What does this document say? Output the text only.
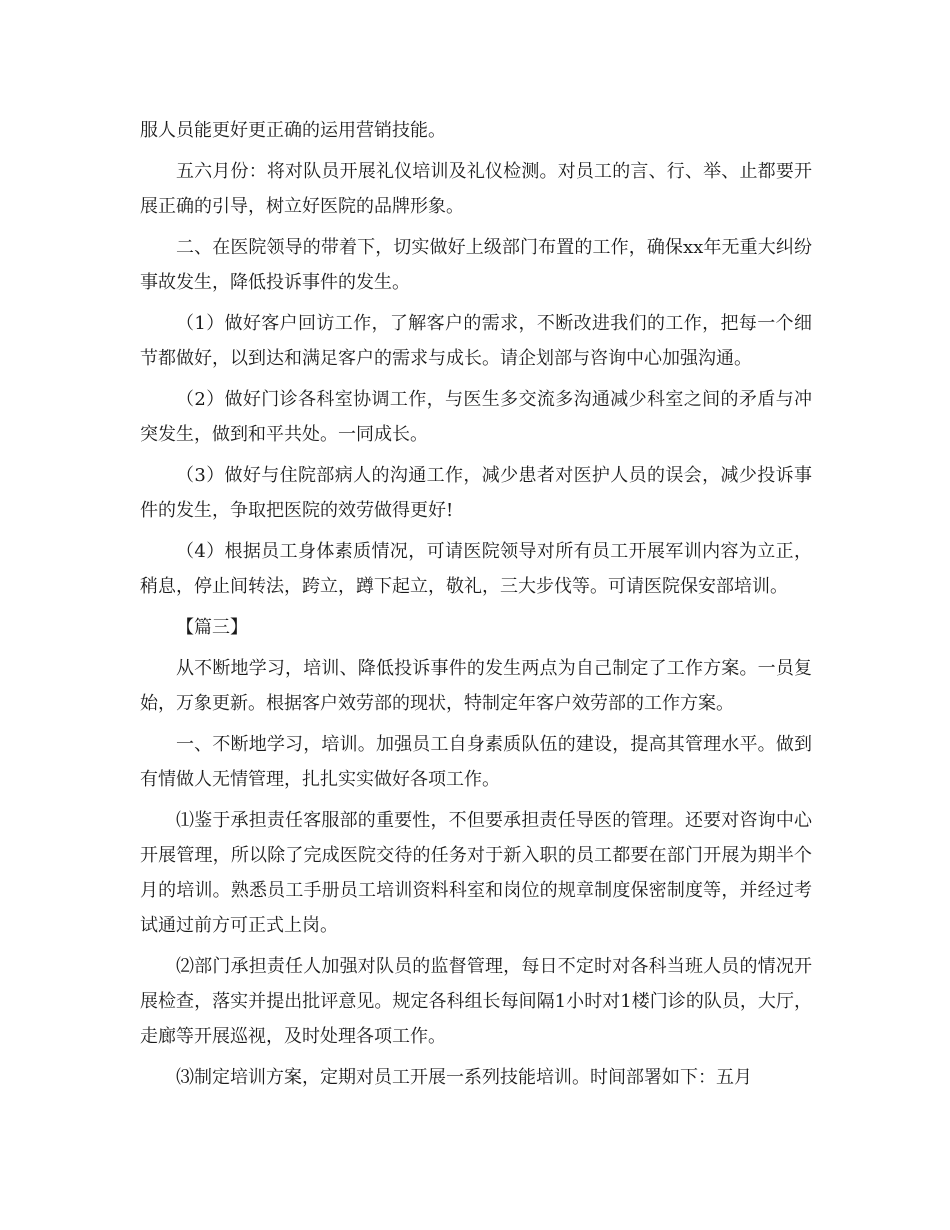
服人员能更好更正确的运用营销技能。

五六月份：将对队员开展礼仪培训及礼仪检测。对员工的言、行、举、止都要开展正确的引导，树立好医院的品牌形象。

二、在医院领导的带着下，切实做好上级部门布置的工作，确保xx年无重大纠纷事故发生，降低投诉事件的发生。

（1）做好客户回访工作，了解客户的需求，不断改进我们的工作，把每一个细节都做好，以到达和满足客户的需求与成长。请企划部与咨询中心加强沟通。

（2）做好门诊各科室协调工作，与医生多交流多沟通减少科室之间的矛盾与冲突发生，做到和平共处。一同成长。

（3）做好与住院部病人的沟通工作，减少患者对医护人员的误会，减少投诉事件的发生，争取把医院的效劳做得更好!

（4）根据员工身体素质情况，可请医院领导对所有员工开展军训内容为立正，稍息，停止间转法，跨立，蹲下起立，敬礼，三大步伐等。可请医院保安部培训。

【篇三】

从不断地学习，培训、降低投诉事件的发生两点为自己制定了工作方案。一员复始，万象更新。根据客户效劳部的现状，特制定年客户效劳部的工作方案。

一、不断地学习，培训。加强员工自身素质队伍的建设，提高其管理水平。做到有情做人无情管理，扎扎实实做好各项工作。

⑴鉴于承担责任客服部的重要性，不但要承担责任导医的管理。还要对咨询中心开展管理，所以除了完成医院交待的任务对于新入职的员工都要在部门开展为期半个月的培训。熟悉员工手册员工培训资料科室和岗位的规章制度保密制度等，并经过考试通过前方可正式上岗。

⑵部门承担责任人加强对队员的监督管理，每日不定时对各科当班人员的情况开展检查，落实并提出批评意见。规定各科组长每间隔1小时对1楼门诊的队员，大厅，走廊等开展巡视，及时处理各项工作。

⑶制定培训方案，定期对员工开展一系列技能培训。时间部署如下：五月
